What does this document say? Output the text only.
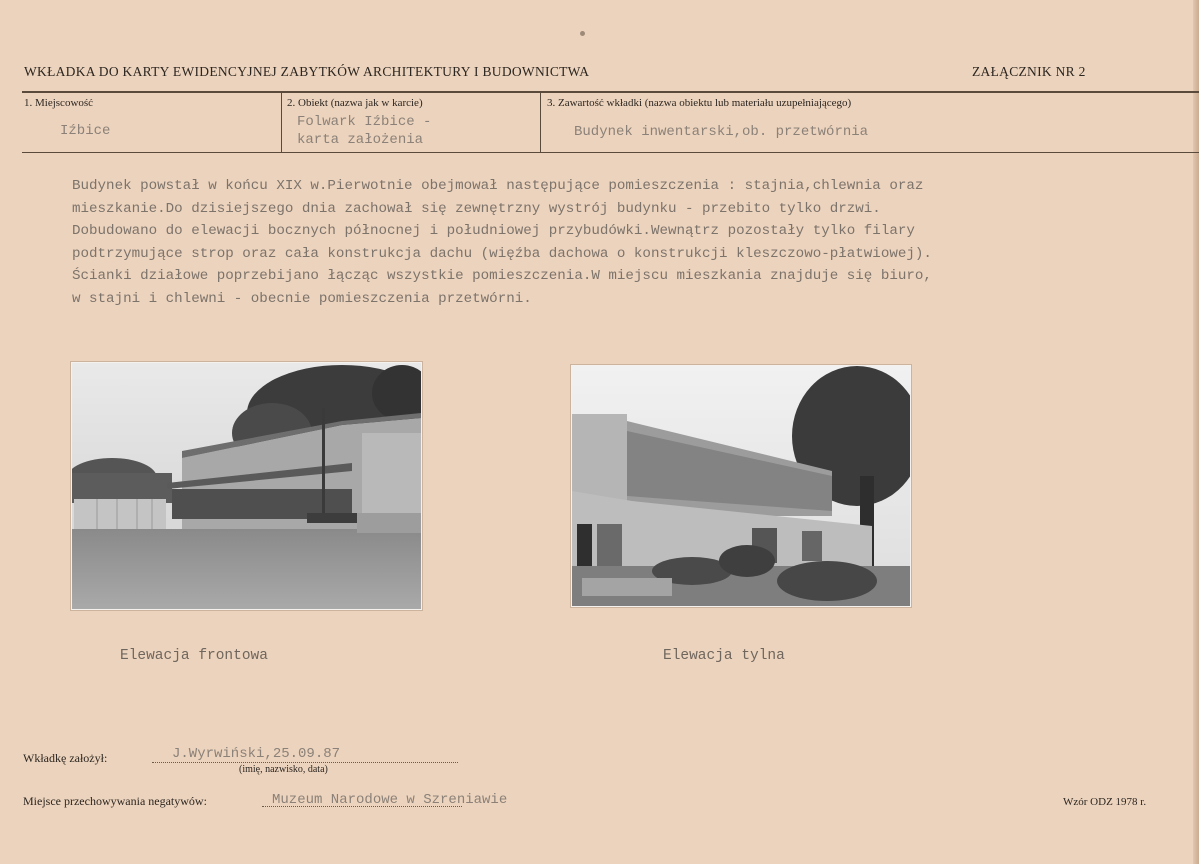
WKŁADKA DO KARTY EWIDENCYJNEJ ZABYTKÓW ARCHITEKTURY I BUDOWNICTWA	ZAŁĄCZNIK NR 2
1. Miejscowość
Iźbice
2. Obiekt (nazwa jak w karcie)
Folwark Iźbice -
karta założenia
3. Zawartość wkładki (nazwa obiektu lub materiału uzupełniającego)
Budynek inwentarski,ob. przetwórnia
Budynek powstał w końcu XIX w.Pierwotnie obejmował następujące pomieszczenia : stajnia,chlewnia oraz
mieszkanie.Do dzisiejszego dnia zachował się zewnętrzny wystrój budynku - przebito tylko drzwi.
Dobudowano do elewacji bocznych północnej i południowej przybudówki.Wewnątrz pozostały tylko filary
podtrzymujące strop oraz cała konstrukcja dachu (więźba dachowa o konstrukcji kleszczowo-płatwiowej).
Ścianki działowe poprzebijano łącząc wszystkie pomieszczenia.W miejscu mieszkania znajduje się biuro,
w stajni i chlewni - obecnie pomieszczenia przetwórni.
Elewacja frontowa	Elewacja tylna
Wkładkę założył:	J.Wyrwiński,25.09.87
(imię, nazwisko, data)
Miejsce przechowywania negatywów:	Muzeum Narodowe w Szreniawie	Wzór ODZ 1978 r.
